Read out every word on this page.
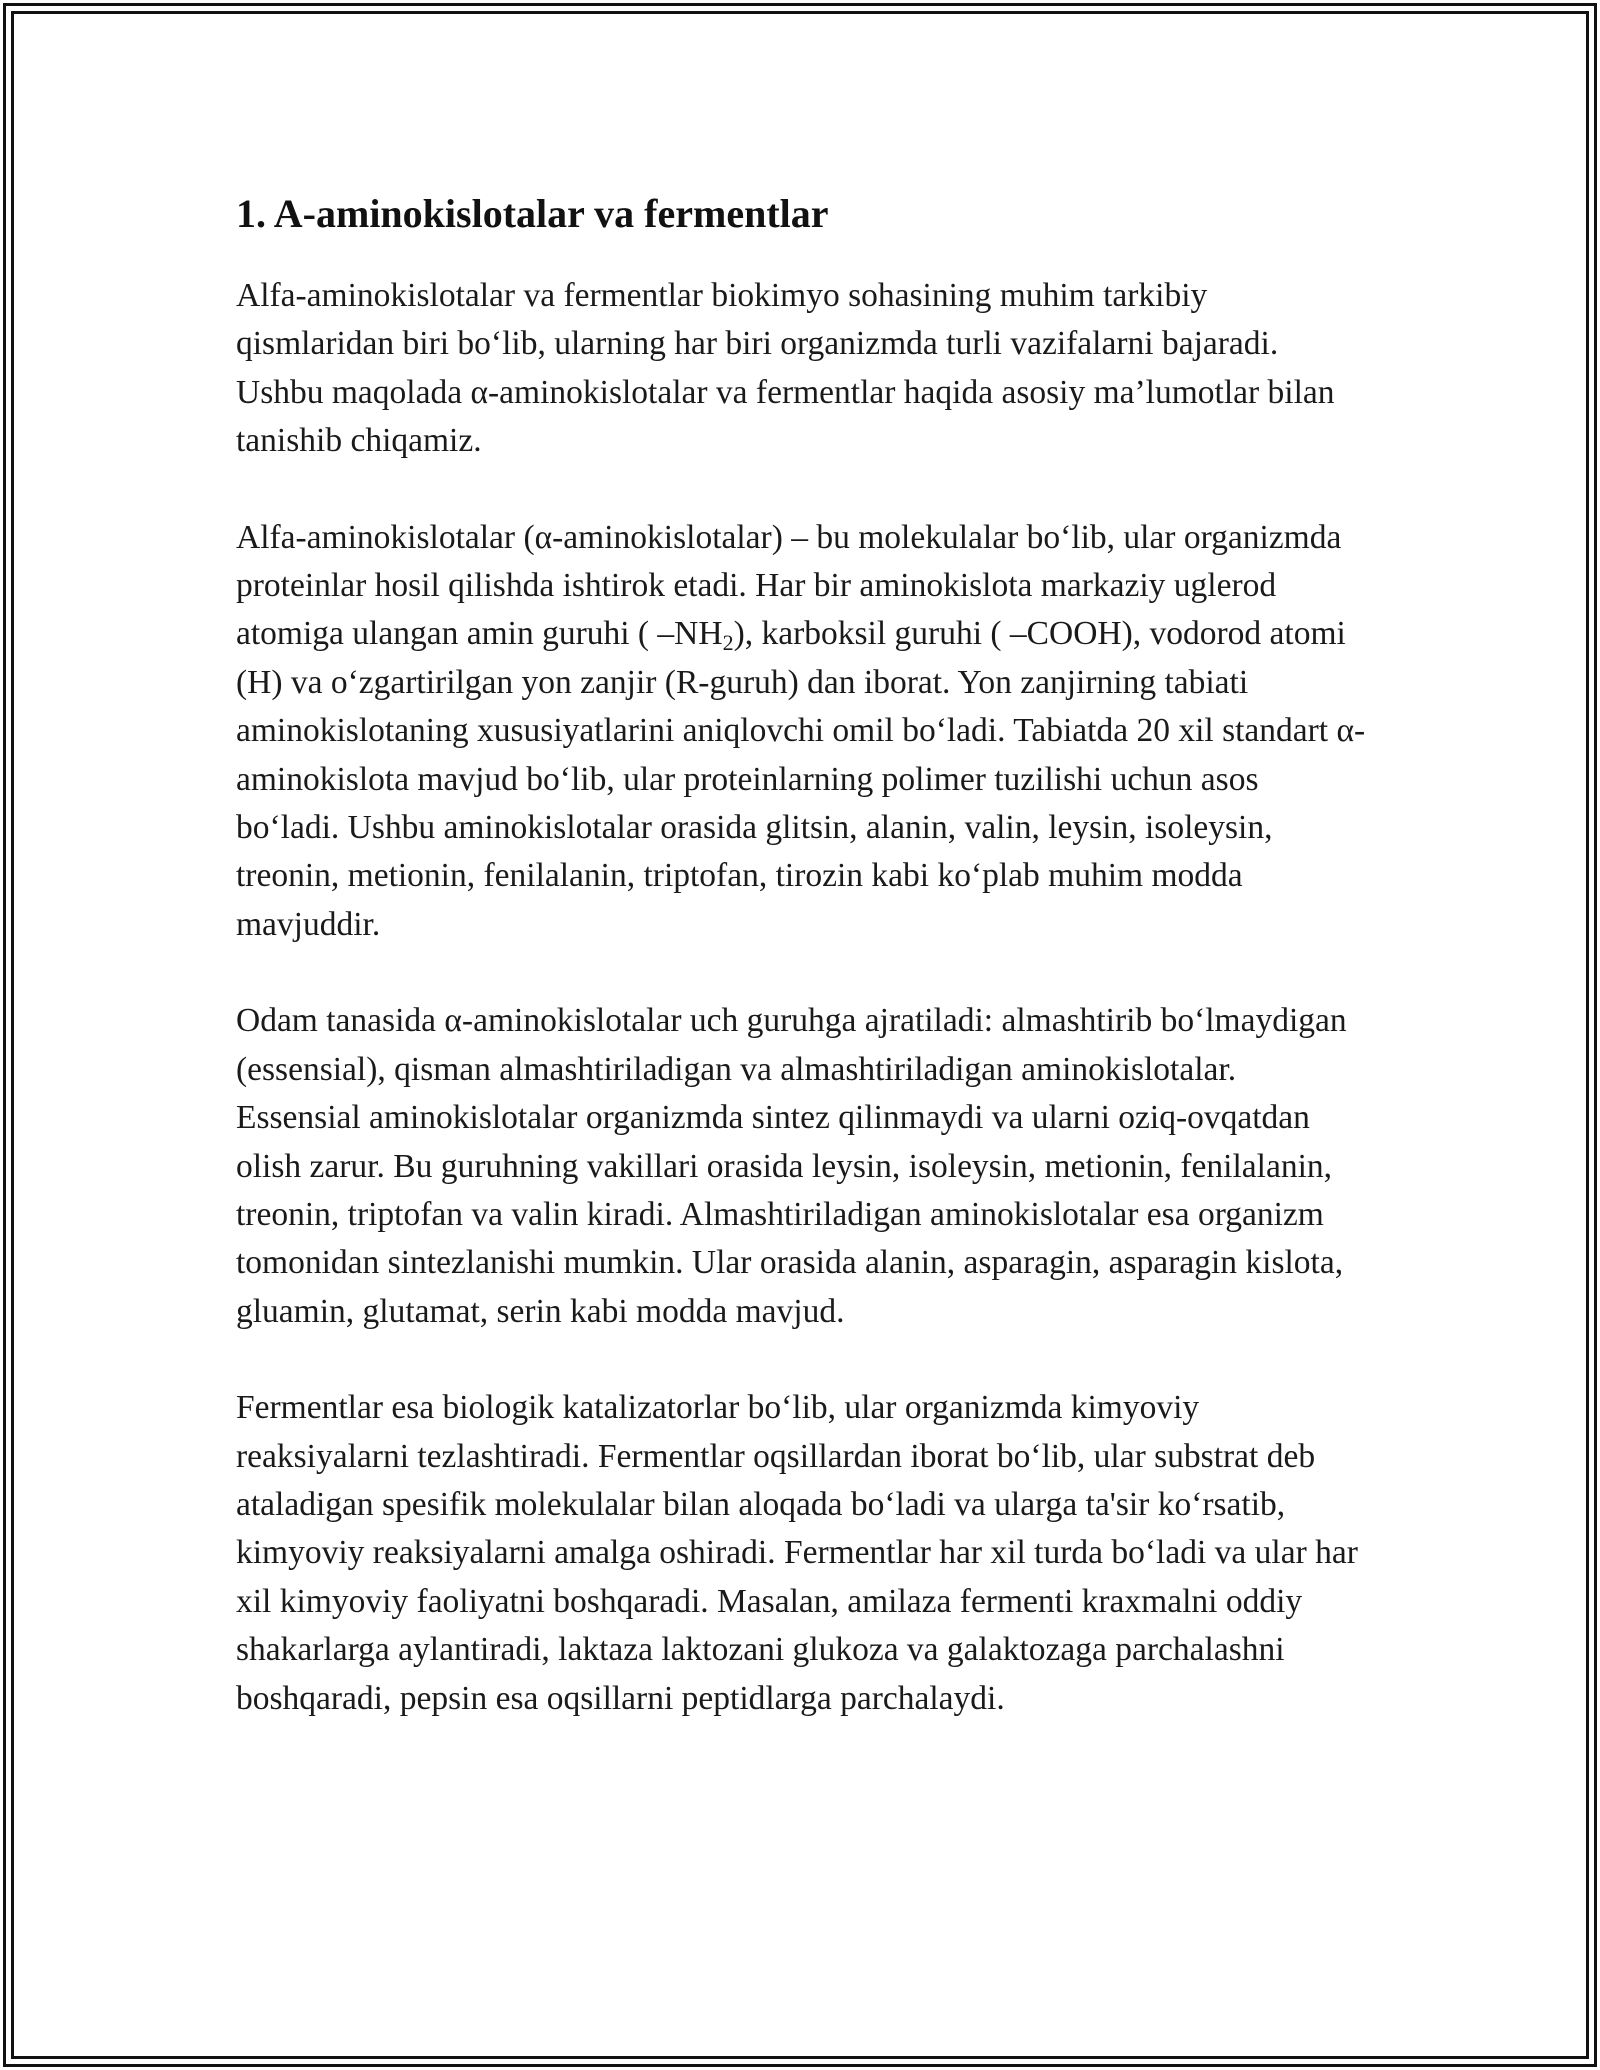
1. A-aminokislotalar va fermentlar

Alfa-aminokislotalar va fermentlar biokimyo sohasining muhim tarkibiy qismlaridan biri bo‘lib, ularning har biri organizmda turli vazifalarni bajaradi. Ushbu maqolada α-aminokislotalar va fermentlar haqida asosiy ma’lumotlar bilan tanishib chiqamiz.

Alfa-aminokislotalar (α-aminokislotalar) – bu molekulalar bo‘lib, ular organizmda proteinlar hosil qilishda ishtirok etadi. Har bir aminokislota markaziy uglerod atomiga ulangan amin guruhi ( $-NH_2$), karboksil guruhi ( –COOH), vodorod atomi (H) va o‘zgartirilgan yon zanjir (R-guruh) dan iborat. Yon zanjirning tabiati aminokislotaning xususiyatlarini aniqlovchi omil bo‘ladi. Tabiatda 20 xil standart α-aminokislota mavjud bo‘lib, ular proteinlarning polimer tuzilishi uchun asos bo‘ladi. Ushbu aminokislotalar orasida glitsin, alanin, valin, leysin, isoleysin, treonin, metionin, fenilalanin, triptofan, tirozin kabi ko‘plab muhim modda mavjuddir.

Odam tanasida α-aminokislotalar uch guruhga ajratiladi: almashtirib bo‘lmaydigan (essensial), qisman almashtiriladigan va almashtiriladigan aminokislotalar. Essensial aminokislotalar organizmda sintez qilinmaydi va ularni oziq-ovqatdan olish zarur. Bu guruhning vakillari orasida leysin, isoleysin, metionin, fenilalanin, treonin, triptofan va valin kiradi. Almashtiriladigan aminokislotalar esa organizm tomonidan sintezlanishi mumkin. Ular orasida alanin, asparagin, asparagin kislota, gluamin, glutamat, serin kabi modda mavjud.

Fermentlar esa biologik katalizatorlar bo‘lib, ular organizmda kimyoviy reaksiyalarni tezlashtiradi. Fermentlar oqsillardan iborat bo‘lib, ular substrat deb ataladigan spesifik molekulalar bilan aloqada bo‘ladi va ularga ta'sir ko‘rsatib, kimyoviy reaksiyalarni amalga oshiradi. Fermentlar har xil turda bo‘ladi va ular har xil kimyoviy faoliyatni boshqaradi. Masalan, amilaza fermenti kraxmalni oddiy shakarlarga aylantiradi, laktaza laktozani glukoza va galaktozaga parchalashni boshqaradi, pepsin esa oqsillarni peptidlarga parchalaydi.
